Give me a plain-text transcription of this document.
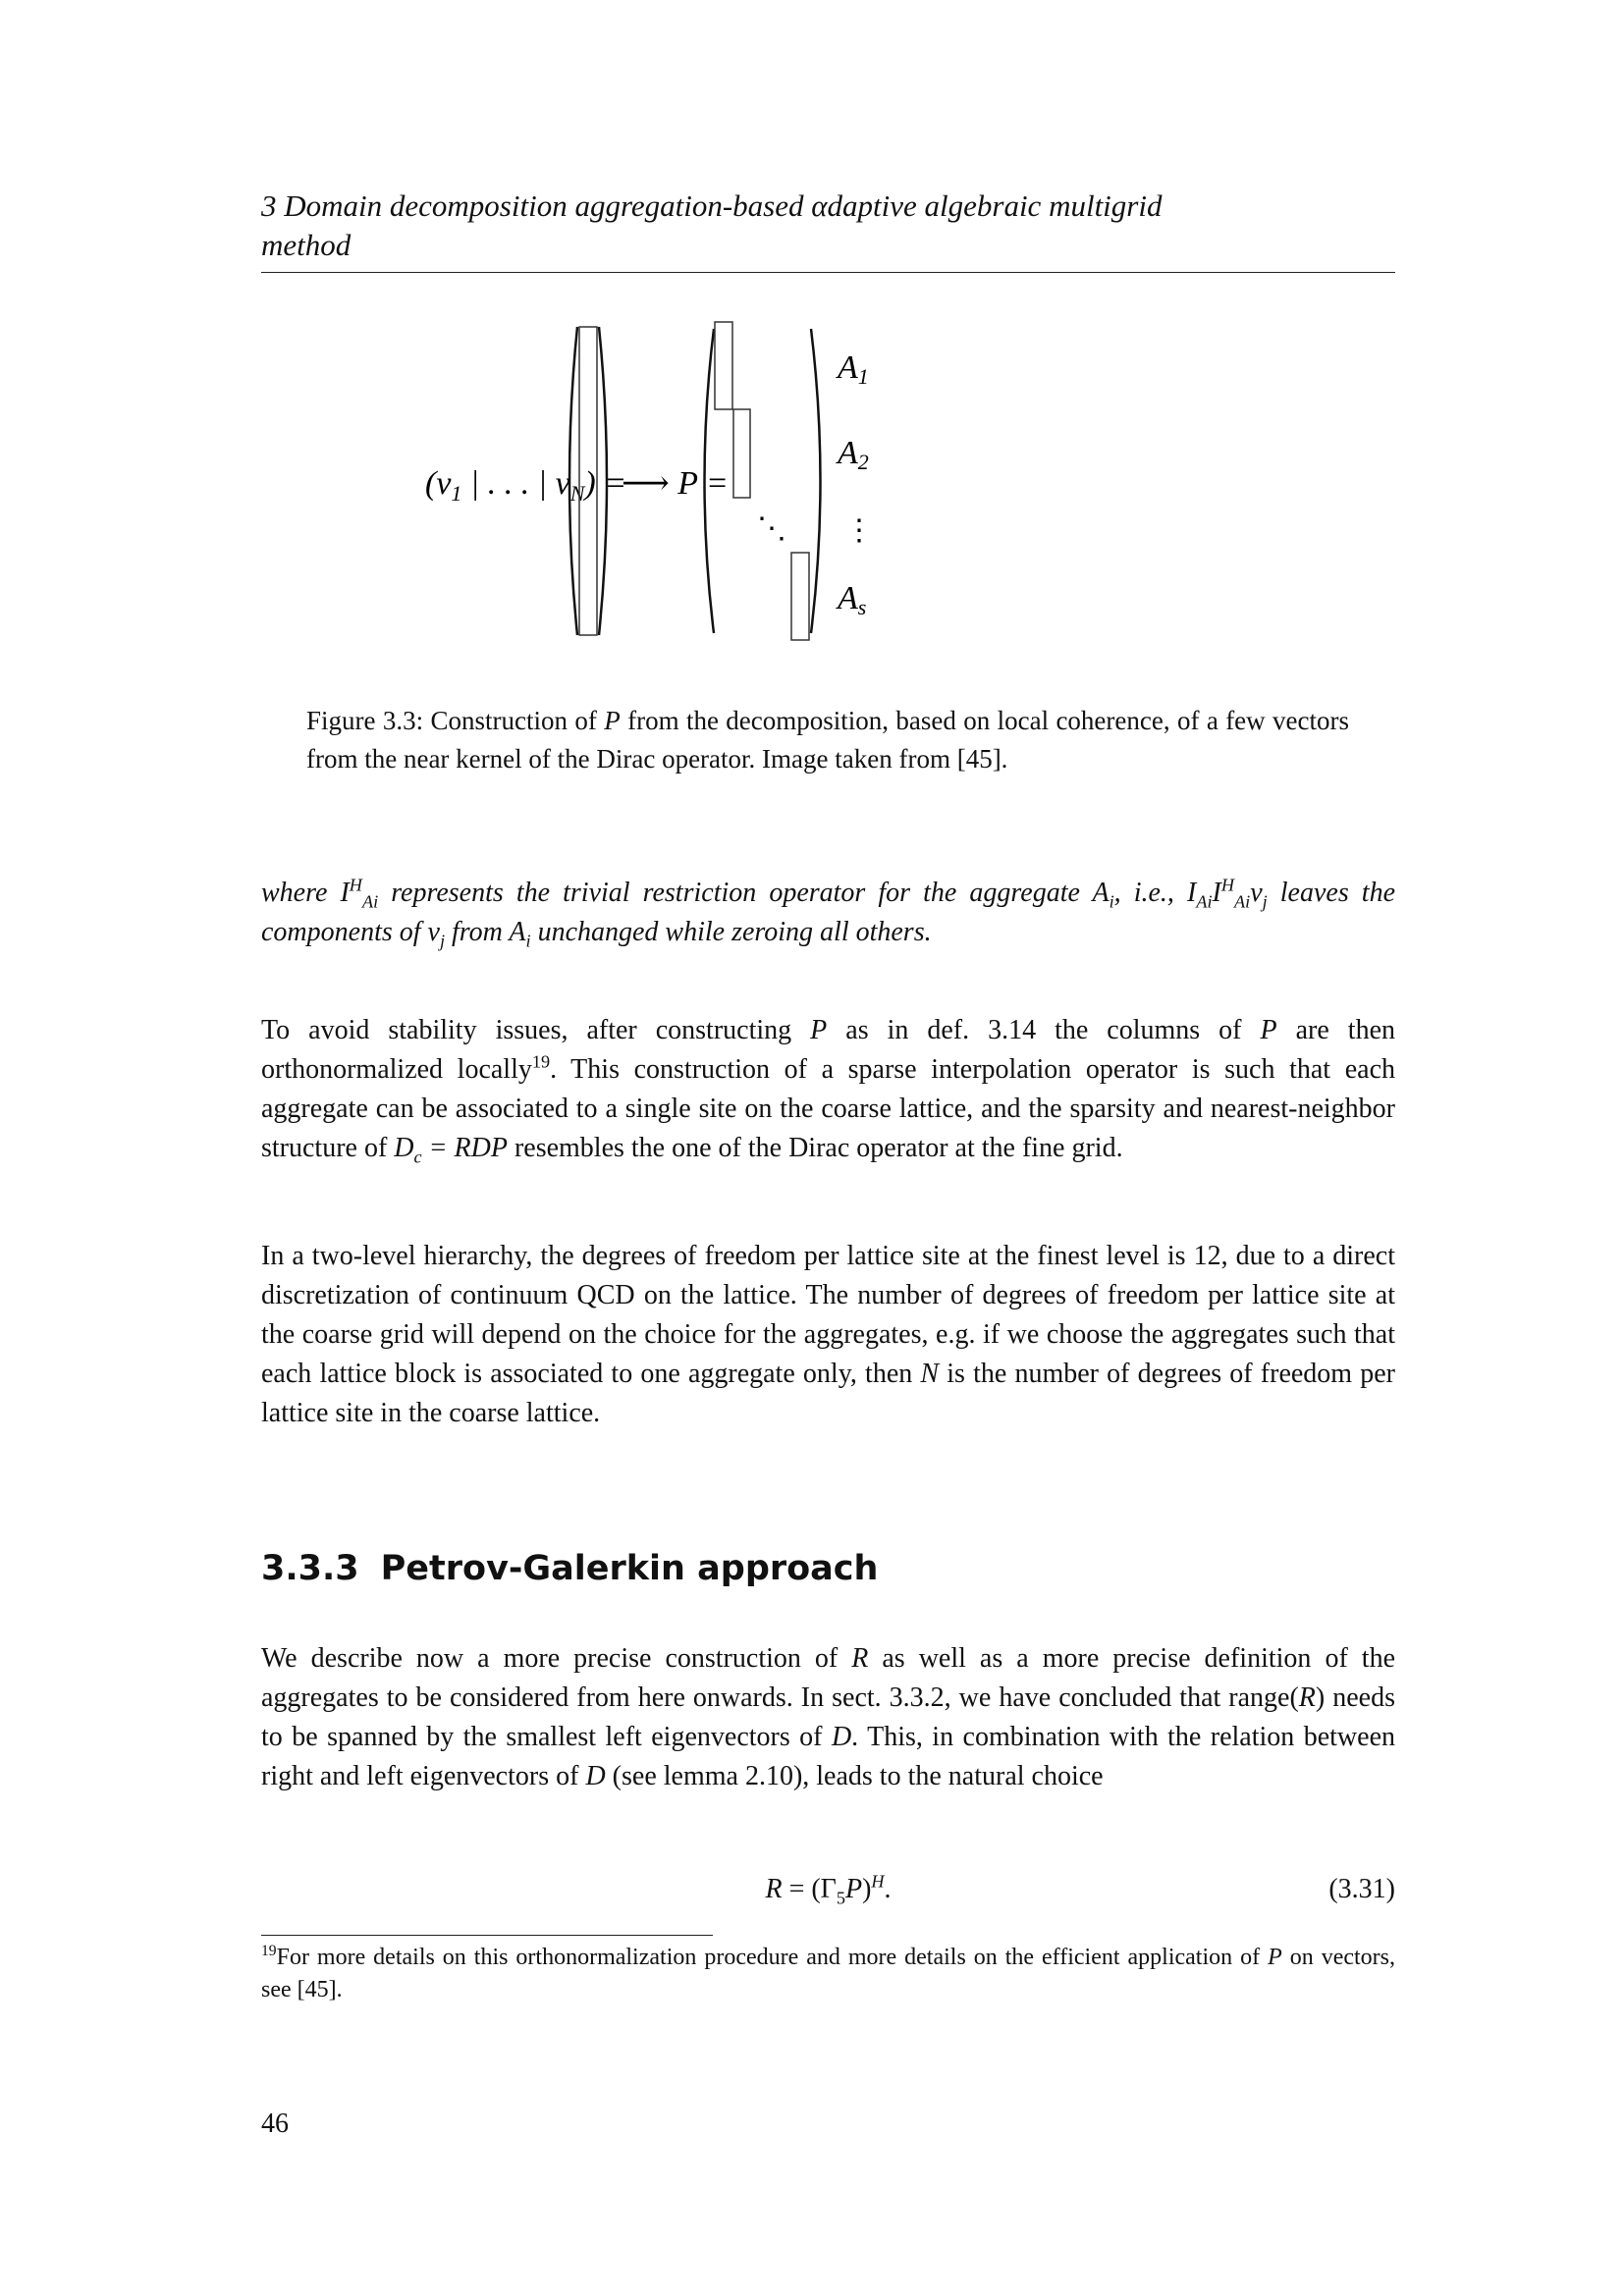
3 Domain decomposition aggregation-based αdaptive algebraic multigrid
method
($v_1$ | . . . | $v_N$) =
⟶ P =
⋱
A1
A2
⋮
As
Figure 3.3: Construction of P from the decomposition, based on local coherence, of a few vectors from the near kernel of the Dirac operator. Image taken from [45].
where $I^H_{Ai}$ represents the trivial restriction operator for the aggregate $A_i$, i.e., $I_{Ai}I^H_{Ai}v_j$ leaves the components of $v_j$ from $A_i$ unchanged while zeroing all others.
To avoid stability issues, after constructing P as in def. 3.14 the columns of P are then orthonormalized locally$^{19}$. This construction of a sparse interpolation operator is such that each aggregate can be associated to a single site on the coarse lattice, and the sparsity and nearest-neighbor structure of $D_c$ = RDP resembles the one of the Dirac operator at the fine grid.
In a two-level hierarchy, the degrees of freedom per lattice site at the finest level is 12, due to a direct discretization of continuum QCD on the lattice. The number of degrees of freedom per lattice site at the coarse grid will depend on the choice for the aggregates, e.g. if we choose the aggregates such that each lattice block is associated to one aggregate only, then N is the number of degrees of freedom per lattice site in the coarse lattice.
3.3.3 Petrov-Galerkin approach
We describe now a more precise construction of R as well as a more precise definition of the aggregates to be considered from here onwards. In sect. 3.3.2, we have concluded that range(R) needs to be spanned by the smallest left eigenvectors of D. This, in combination with the relation between right and left eigenvectors of D (see lemma 2.10), leads to the natural choice
$R = (\Gamma_5P)^H$.	(3.31)
$^{19}$For more details on this orthonormalization procedure and more details on the efficient application of P on vectors, see [45].
46
